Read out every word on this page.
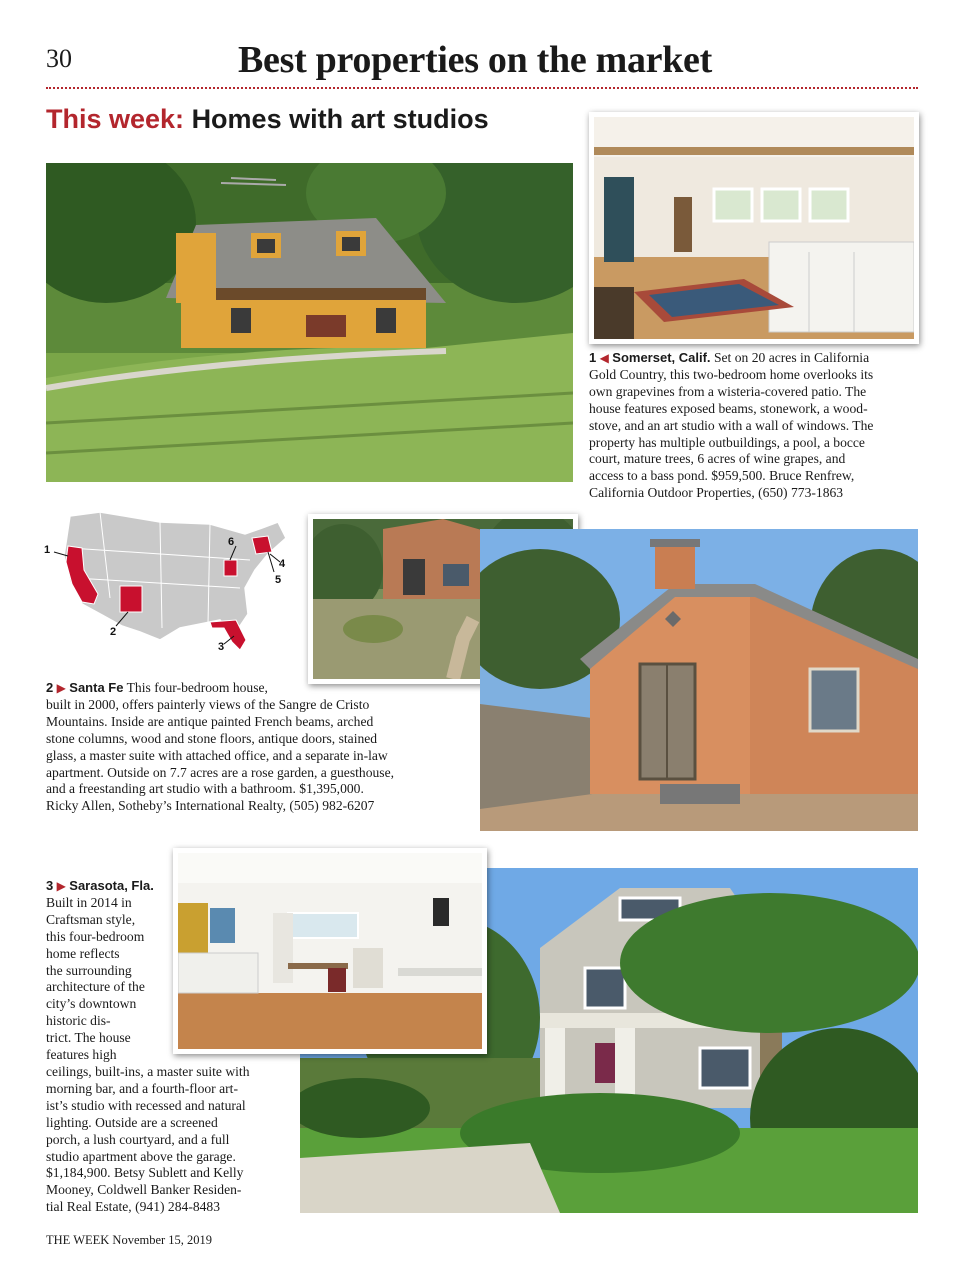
30	Best properties on the market
This week: Homes with art studios
1 ◀ Somerset, Calif. Set on 20 acres in California
Gold Country, this two-bedroom home overlooks its
own grapevines from a wisteria-covered patio. The
house features exposed beams, stonework, a wood-
stove, and an art studio with a wall of windows. The
property has multiple outbuildings, a pool, a bocce
court, mature trees, 6 acres of wine grapes, and
access to a bass pond. $959,500. Bruce Renfrew,
California Outdoor Properties, (650) 773-1863
1
2
3
4
5
6
2 ▶ Santa Fe This four-bedroom house,
built in 2000, offers painterly views of the Sangre de Cristo
Mountains. Inside are antique painted French beams, arched
stone columns, wood and stone floors, antique doors, stained
glass, a master suite with attached office, and a separate in-law
apartment. Outside on 7.7 acres are a rose garden, a guesthouse,
and a freestanding art studio with a bathroom. $1,395,000.
Ricky Allen, Sotheby’s International Realty, (505) 982-6207
3 ▶ Sarasota, Fla.
Built in 2014 in
Craftsman style,
this four-bedroom
home reflects
the surrounding
architecture of the
city’s downtown
historic dis-
trict. The house
features high
ceilings, built-ins, a master suite with
morning bar, and a fourth-floor art-
ist’s studio with recessed and natural
lighting. Outside are a screened
porch, a lush courtyard, and a full
studio apartment above the garage.
$1,184,900. Betsy Sublett and Kelly
Mooney, Coldwell Banker Residen-
tial Real Estate, (941) 284-8483
THE WEEK November 15, 2019
